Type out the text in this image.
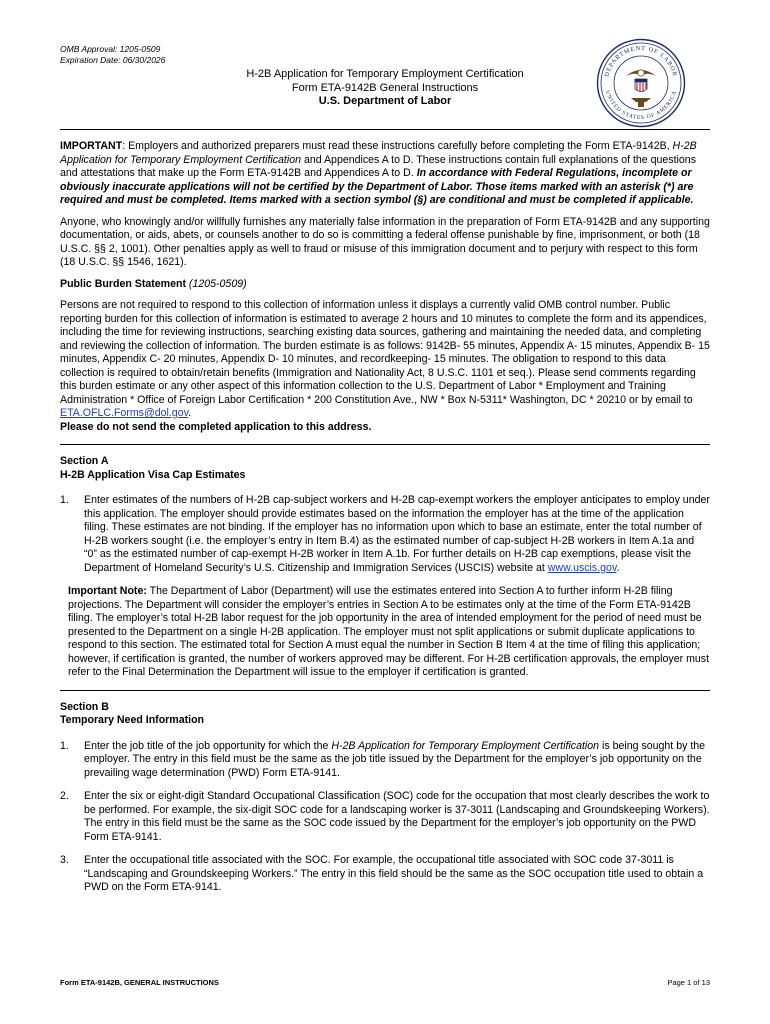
OMB Approval: 1205-0509
Expiration Date: 06/30/2026
DEPARTMENT OF LABOR
UNITED STATES OF AMERICA
H-2B Application for Temporary Employment Certification
Form ETA-9142B General Instructions
U.S. Department of Labor

IMPORTANT: Employers and authorized preparers must read these instructions carefully before completing the Form ETA-9142B, H-2B Application for Temporary Employment Certification and Appendices A to D. These instructions contain full explanations of the questions and attestations that make up the Form ETA-9142B and Appendices A to D. In accordance with Federal Regulations, incomplete or obviously inaccurate applications will not be certified by the Department of Labor. Those items marked with an asterisk (*) are required and must be completed. Items marked with a section symbol (§) are conditional and must be completed if applicable.

Anyone, who knowingly and/or willfully furnishes any materially false information in the preparation of Form ETA-9142B and any supporting documentation, or aids, abets, or counsels another to do so is committing a federal offense punishable by fine, imprisonment, or both (18 U.S.C. §§ 2, 1001). Other penalties apply as well to fraud or misuse of this immigration document and to perjury with respect to this form (18 U.S.C. §§ 1546, 1621).

Public Burden Statement (1205-0509)

Persons are not required to respond to this collection of information unless it displays a currently valid OMB control number. Public reporting burden for this collection of information is estimated to average 2 hours and 10 minutes to complete the form and its appendices, including the time for reviewing instructions, searching existing data sources, gathering and maintaining the needed data, and completing and reviewing the collection of information. The burden estimate is as follows: 9142B- 55 minutes, Appendix A- 15 minutes, Appendix B- 15 minutes, Appendix C- 20 minutes, Appendix D- 10 minutes, and recordkeeping- 15 minutes. The obligation to respond to this data collection is required to obtain/retain benefits (Immigration and Nationality Act, 8 U.S.C. 1101 et seq.). Please send comments regarding this burden estimate or any other aspect of this information collection to the U.S. Department of Labor * Employment and Training Administration * Office of Foreign Labor Certification * 200 Constitution Ave., NW * Box N-5311* Washington, DC * 20210 or by email to ETA.OFLC.Forms@dol.gov.
Please do not send the completed application to this address.

Section A
H-2B Application Visa Cap Estimates
1.	Enter estimates of the numbers of H-2B cap-subject workers and H-2B cap-exempt workers the employer anticipates to employ under this application. The employer should provide estimates based on the information the employer has at the time of the application filing. These estimates are not binding. If the employer has no information upon which to base an estimate, enter the total number of H-2B workers sought (i.e. the employer’s entry in Item B.4) as the estimated number of cap-subject H-2B workers in Item A.1a and “0” as the estimated number of cap-exempt H-2B worker in Item A.1b. For further details on H-2B cap exemptions, please visit the Department of Homeland Security’s U.S. Citizenship and Immigration Services (USCIS) website at www.uscis.gov.

Important Note: The Department of Labor (Department) will use the estimates entered into Section A to further inform H-2B filing projections. The Department will consider the employer’s entries in Section A to be estimates only at the time of the Form ETA-9142B filing. The employer’s total H-2B labor request for the job opportunity in the area of intended employment for the period of need must be presented to the Department on a single H-2B application. The employer must not split applications or submit duplicate applications to respond to this section. The estimated total for Section A must equal the number in Section B Item 4 at the time of filing this application; however, if certification is granted, the number of workers approved may be different. For H-2B certification approvals, the employer must refer to the Final Determination the Department will issue to the employer if certification is granted.

Section B
Temporary Need Information
1.	Enter the job title of the job opportunity for which the H-2B Application for Temporary Employment Certification is being sought by the employer. The entry in this field must be the same as the job title issued by the Department for the employer’s job opportunity on the prevailing wage determination (PWD) Form ETA-9141.
2.	Enter the six or eight-digit Standard Occupational Classification (SOC) code for the occupation that most clearly describes the work to be performed. For example, the six-digit SOC code for a landscaping worker is 37-3011 (Landscaping and Groundskeeping Workers). The entry in this field must be the same as the SOC code issued by the Department for the employer’s job opportunity on the PWD Form ETA-9141.
3.	Enter the occupational title associated with the SOC. For example, the occupational title associated with SOC code 37-3011 is “Landscaping and Groundskeeping Workers.” The entry in this field should be the same as the SOC occupation title used to obtain a PWD on the Form ETA-9141.
Form ETA-9142B, GENERAL INSTRUCTIONS	Page 1 of 13
